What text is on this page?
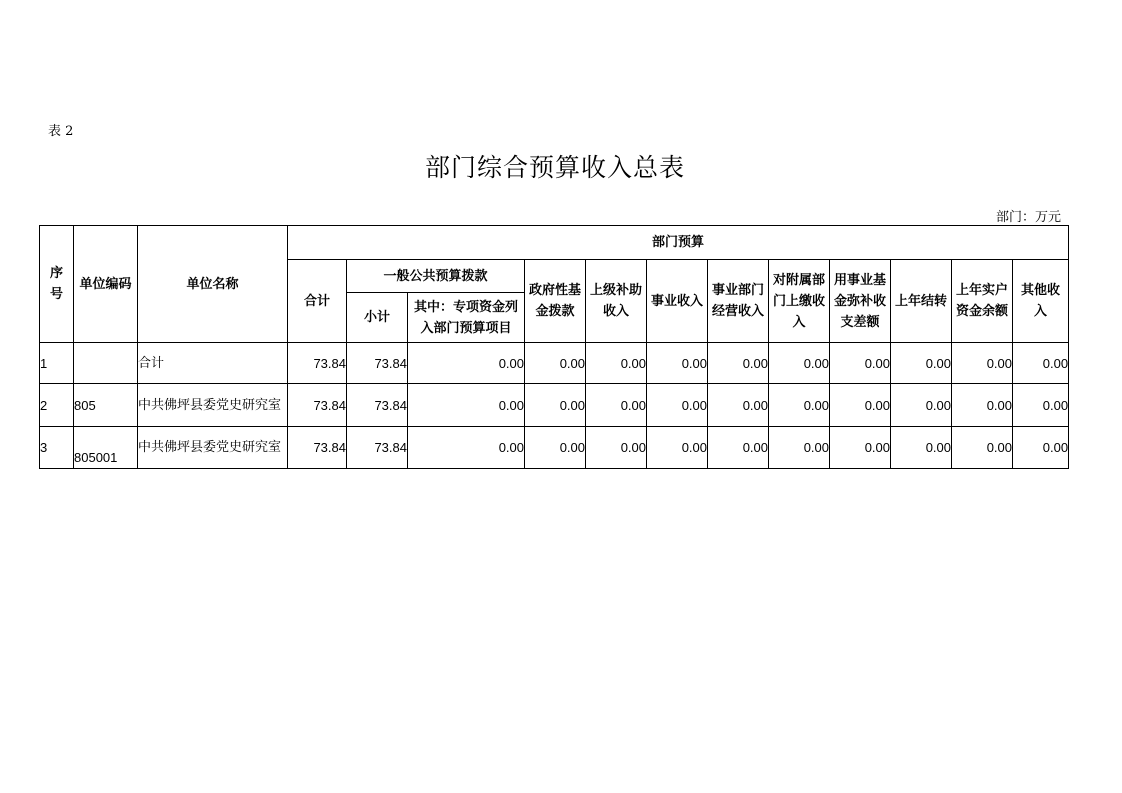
表 2
部门综合预算收入总表
部门：万元
序号	单位编码	单位名称	部门预算											

			合计	一般公共预算拨款		政府性基金拨款	上级补助收入	事业收入	事业部门经营收入	对附属部门上缴收入	用事业基金弥补收支差额	上年结转	上年实户资金余额	其他收入

				小计	其中：专项资金列入部门预算项目									

1		合计	73.84	73.84	0.00	0.00	0.00	0.00	0.00	0.00	0.00	0.00	0.00	0.00
2	805	中共佛坪县委党史研究室	73.84	73.84	0.00	0.00	0.00	0.00	0.00	0.00	0.00	0.00	0.00	0.00
3	805001	中共佛坪县委党史研究室	73.84	73.84	0.00	0.00	0.00	0.00	0.00	0.00	0.00	0.00	0.00	0.00
